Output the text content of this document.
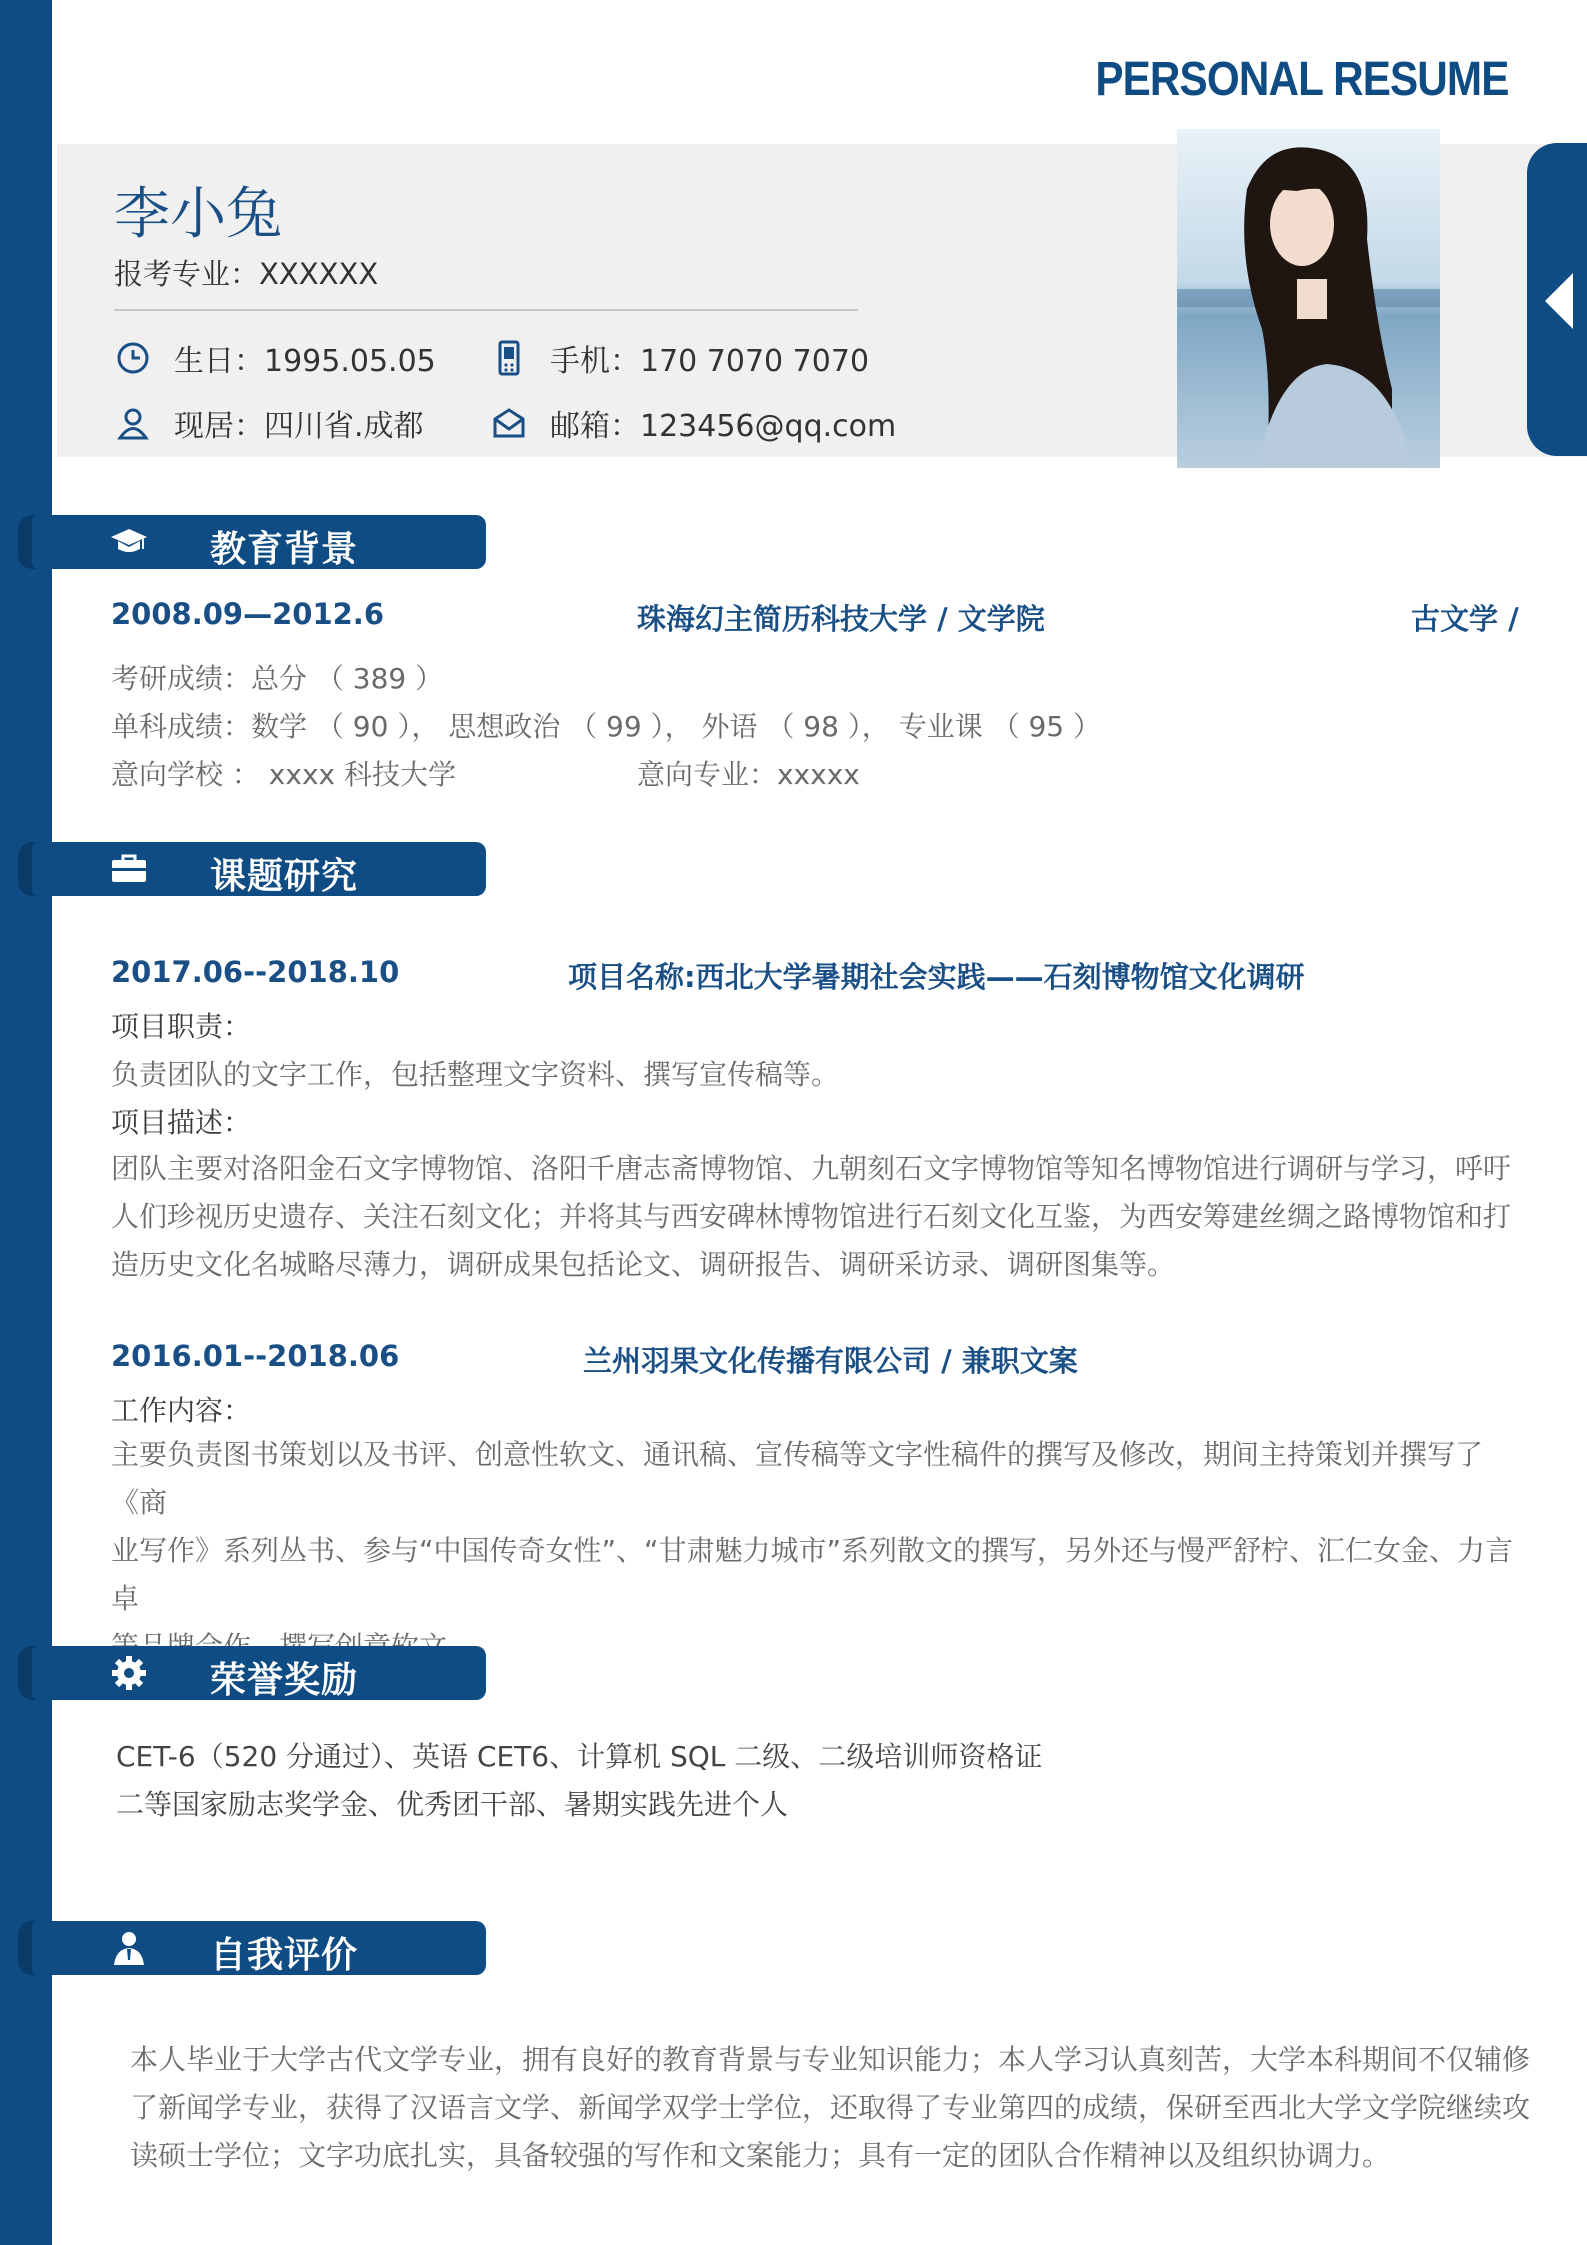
PERSONAL RESUME
李小兔
报考专业：XXXXXX
生日：1995.05.05	手机：170 7070 7070
现居：四川省.成都	邮箱：123456@qq.com
教育背景
2008.09—2012.6	珠海幻主简历科技大学 / 文学院	古文学 /
考研成绩：总分 （ 389 ）
单科成绩：数学 （ 90 ）， 思想政治 （ 99 ）， 外语 （ 98 ）， 专业课 （ 95 ）
意向学校 ： xxxx 科技大学	意向专业：xxxxx
课题研究
2017.06--2018.10	项目名称:西北大学暑期社会实践——石刻博物馆文化调研
项目职责：
负责团队的文字工作，包括整理文字资料、撰写宣传稿等。
项目描述：
团队主要对洛阳金石文字博物馆、洛阳千唐志斋博物馆、九朝刻石文字博物馆等知名博物馆进行调研与学习，呼吁
人们珍视历史遗存、关注石刻文化；并将其与西安碑林博物馆进行石刻文化互鉴，为西安筹建丝绸之路博物馆和打
造历史文化名城略尽薄力，调研成果包括论文、调研报告、调研采访录、调研图集等。
2016.01--2018.06	兰州羽果文化传播有限公司 / 兼职文案
工作内容：
主要负责图书策划以及书评、创意性软文、通讯稿、宣传稿等文字性稿件的撰写及修改，期间主持策划并撰写了《商
业写作》系列丛书、参与“中国传奇女性”、“甘肃魅力城市”系列散文的撰写，另外还与慢严舒柠、汇仁女金、力言卓
荣誉奖励
CET-6（520 分通过）、英语 CET6、计算机 SQL 二级、二级培训师资格证
二等国家励志奖学金、优秀团干部、暑期实践先进个人
自我评价
本人毕业于大学古代文学专业，拥有良好的教育背景与专业知识能力；本人学习认真刻苦，大学本科期间不仅辅修
了新闻学专业，获得了汉语言文学、新闻学双学士学位，还取得了专业第四的成绩，保研至西北大学文学院继续攻
读硕士学位；文字功底扎实，具备较强的写作和文案能力；具有一定的团队合作精神以及组织协调力。
